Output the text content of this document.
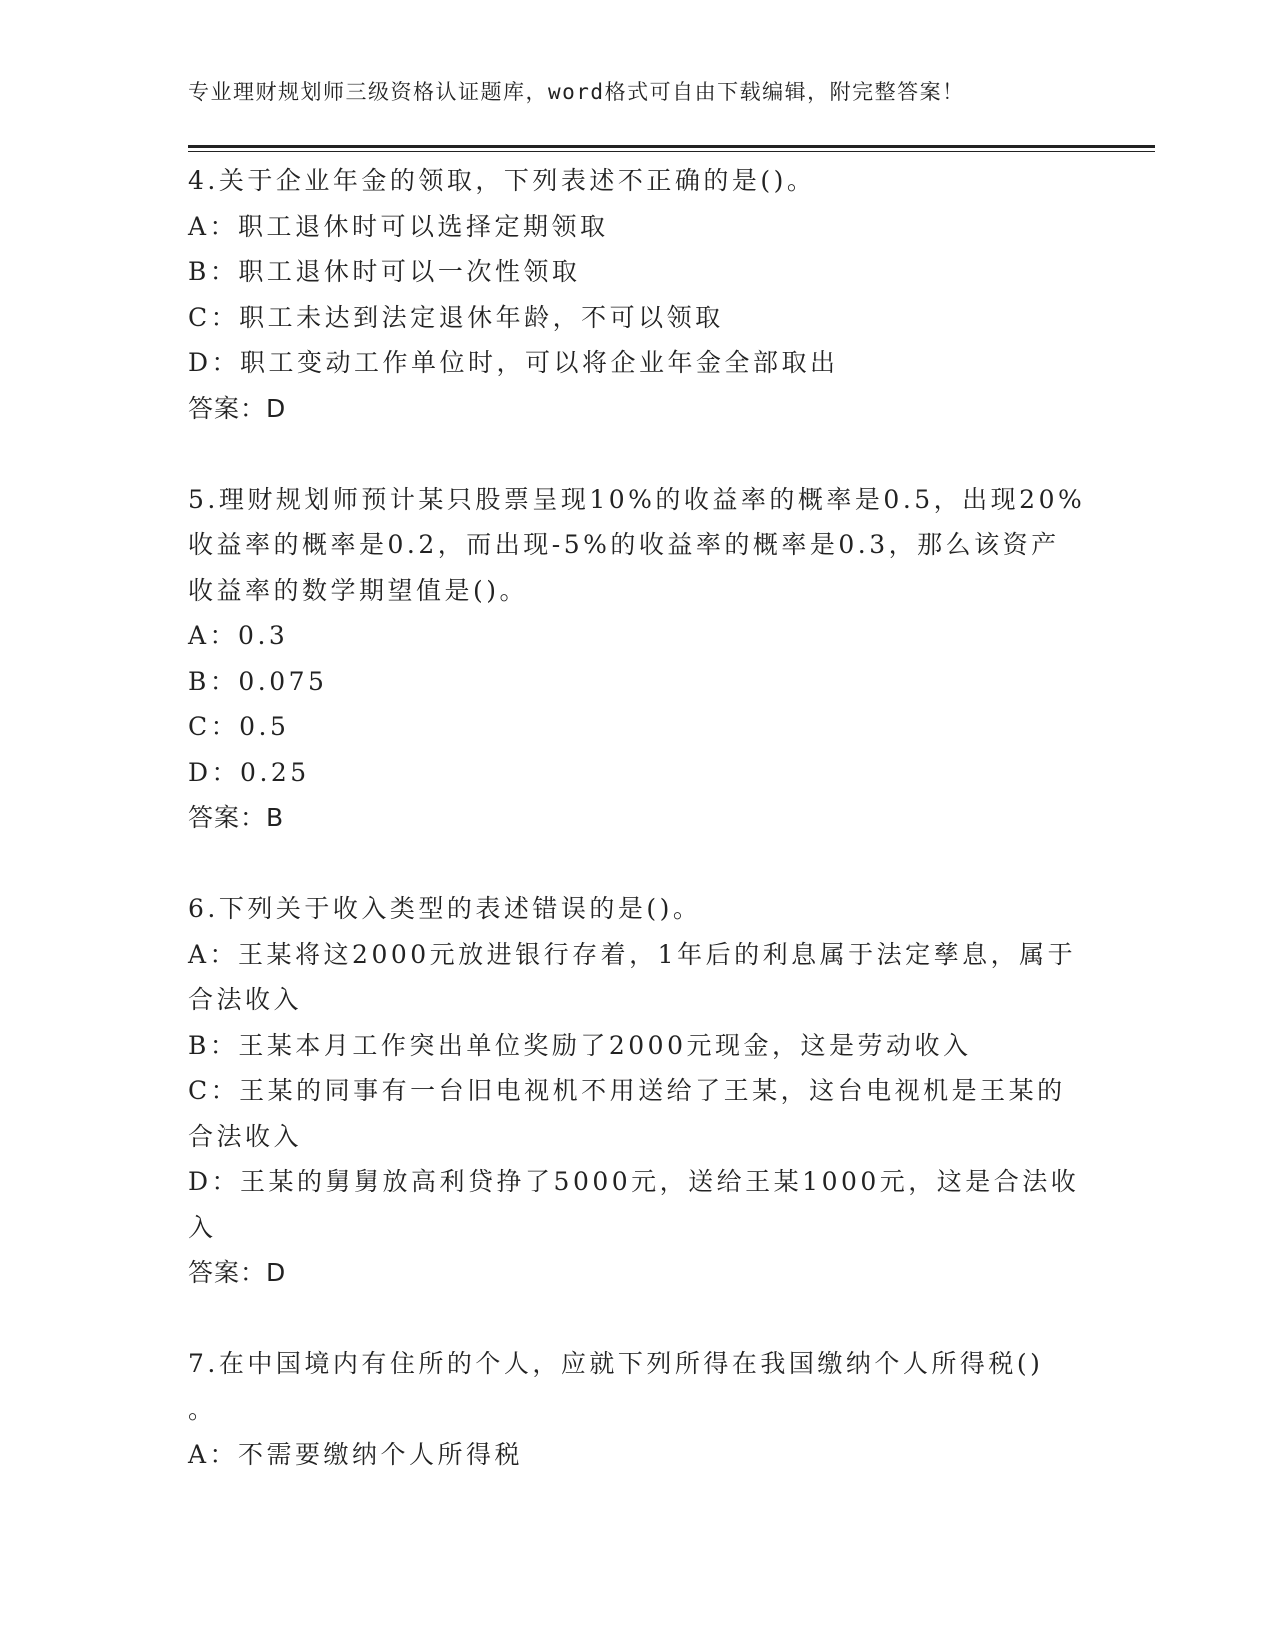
专业理财规划师三级资格认证题库，word格式可自由下载编辑，附完整答案！

4.关于企业年金的领取，下列表述不正确的是()。

A：职工退休时可以选择定期领取

B：职工退休时可以一次性领取

C：职工未达到法定退休年龄，不可以领取

D：职工变动工作单位时，可以将企业年金全部取出

答案：D

5.理财规划师预计某只股票呈现10%的收益率的概率是0.5，出现20%

收益率的概率是0.2，而出现-5%的收益率的概率是0.3，那么该资产

收益率的数学期望值是()。

A：0.3

B：0.075

C：0.5

D：0.25

答案：B

6.下列关于收入类型的表述错误的是()。

A：王某将这2000元放进银行存着，1年后的利息属于法定孳息，属于

合法收入

B：王某本月工作突出单位奖励了2000元现金，这是劳动收入

C：王某的同事有一台旧电视机不用送给了王某，这台电视机是王某的

合法收入

D：王某的舅舅放高利贷挣了5000元，送给王某1000元，这是合法收

入

答案：D

7.在中国境内有住所的个人，应就下列所得在我国缴纳个人所得税()

。

A：不需要缴纳个人所得税
